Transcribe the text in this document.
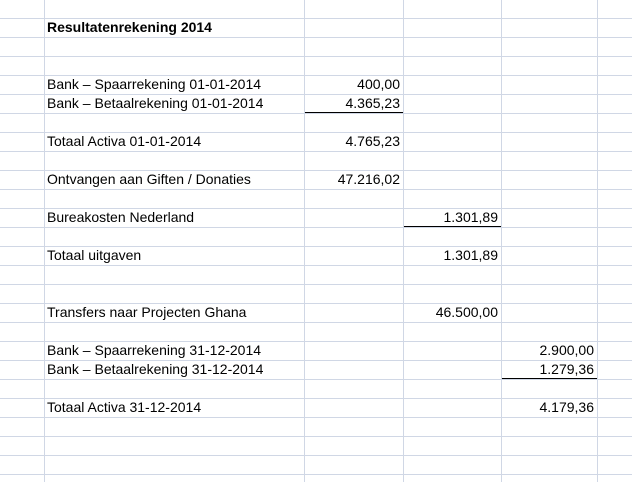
Resultatenrekening 2014
Bank – Spaarrekening 01-01-2014	400,00
Bank – Betaalrekening 01-01-2014	4.365,23
Totaal Activa 01-01-2014	4.765,23
Ontvangen aan Giften / Donaties	47.216,02
Bureakosten Nederland	1.301,89
Totaal uitgaven	1.301,89
Transfers naar Projecten Ghana	46.500,00
Bank – Spaarrekening 31-12-2014	2.900,00
Bank – Betaalrekening 31-12-2014	1.279,36
Totaal Activa 31-12-2014	4.179,36
